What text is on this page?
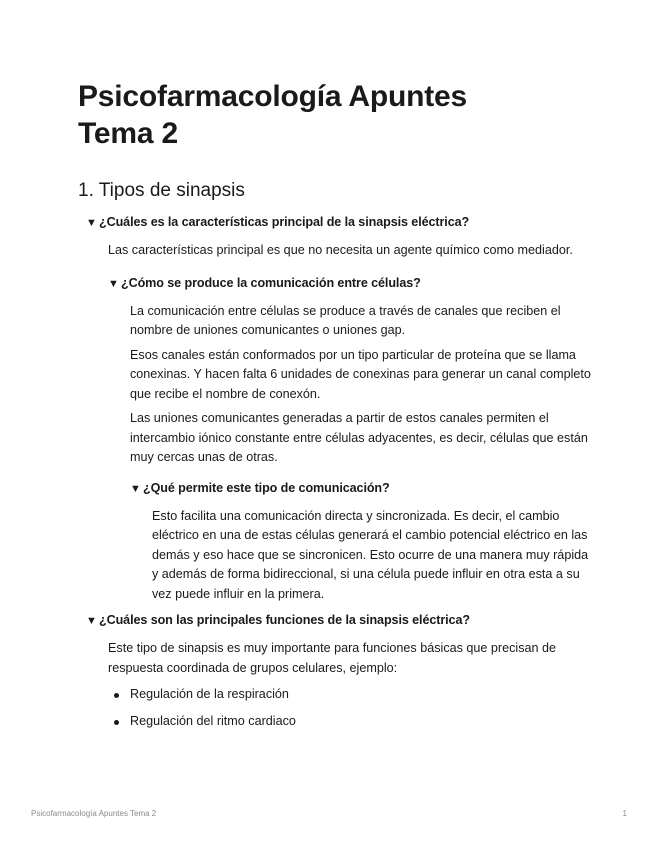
Psicofarmacología Apuntes
Tema 2
1. Tipos de sinapsis
▼ ¿Cuáles es la características principal de la sinapsis eléctrica?

Las características principal es que no necesita un agente químico como mediador.

▼ ¿Cómo se produce la comunicación entre células?

La comunicación entre células se produce a través de canales que reciben el nombre de uniones comunicantes o uniones gap.

Esos canales están conformados por un tipo particular de proteína que se llama conexinas. Y hacen falta 6 unidades de conexinas para generar un canal completo que recibe el nombre de conexón.

Las uniones comunicantes generadas a partir de estos canales permiten el intercambio iónico constante entre células adyacentes, es decir, células que están muy cercas unas de otras.

▼ ¿Qué permite este tipo de comunicación?

Esto facilita una comunicación directa y sincronizada. Es decir, el cambio eléctrico en una de estas células generará el cambio potencial eléctrico en las demás y eso hace que se sincronicen. Esto ocurre de una manera muy rápida y además de forma bidireccional, si una célula puede influir en otra esta a su vez puede influir en la primera.

▼ ¿Cuáles son las principales funciones de la sinapsis eléctrica?

Este tipo de sinapsis es muy importante para funciones básicas que precisan de respuesta coordinada de grupos celulares, ejemplo:

Regulación de la respiración
Regulación del ritmo cardiaco
Psicofarmacología Apuntes Tema 2	1
